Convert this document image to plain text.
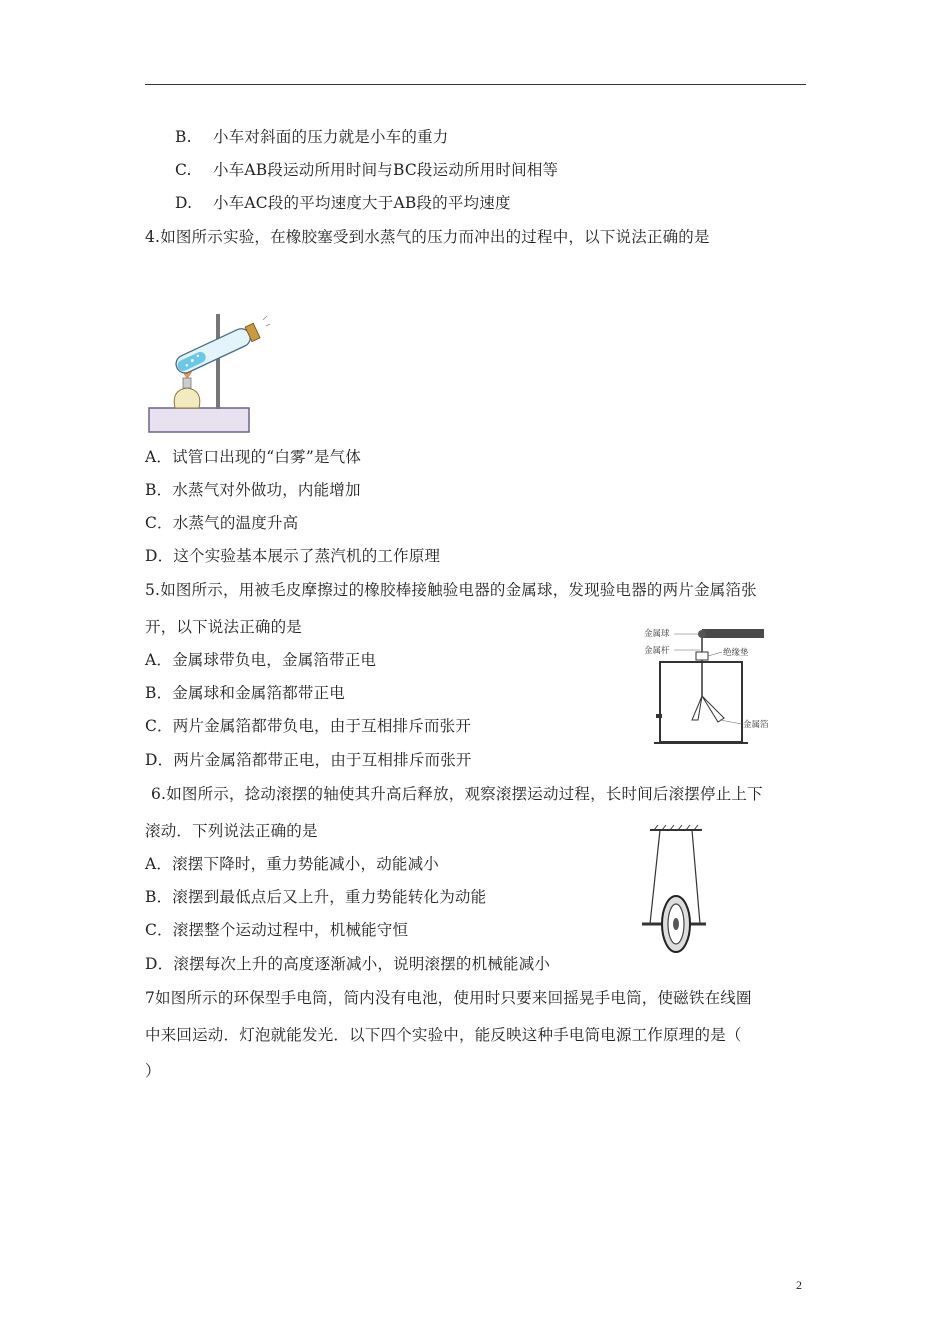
B. 小车对斜面的压力就是小车的重力
C. 小车AB段运动所用时间与BC段运动所用时间相等
D. 小车AC段的平均速度大于AB段的平均速度
4.如图所示实验，在橡胶塞受到水蒸气的压力而冲出的过程中，以下说法正确的是
A．试管口出现的“白雾”是气体
B．水蒸气对外做功，内能增加
C．水蒸气的温度升高
D．这个实验基本展示了蒸汽机的工作原理
5.如图所示，用被毛皮摩擦过的橡胶棒接触验电器的金属球，发现验电器的两片金属箔张
开，以下说法正确的是
A．金属球带负电，金属箔带正电
B．金属球和金属箔都带正电
C．两片金属箔都带负电，由于互相排斥而张开
D．两片金属箔都带正电，由于互相排斥而张开
金属球
金属杆	绝缘垫
金属箔
6.如图所示，捻动滚摆的轴使其升高后释放，观察滚摆运动过程，长时间后滚摆停止上下
滚动．下列说法正确的是
A．滚摆下降时，重力势能减小，动能减小
B．滚摆到最低点后又上升，重力势能转化为动能
C．滚摆整个运动过程中，机械能守恒
D．滚摆每次上升的高度逐渐减小，说明滚摆的机械能减小
7如图所示的环保型手电筒，筒内没有电池，使用时只要来回摇晃手电筒，使磁铁在线圈
中来回运动．灯泡就能发光．以下四个实验中，能反映这种手电筒电源工作原理的是（
）
2
